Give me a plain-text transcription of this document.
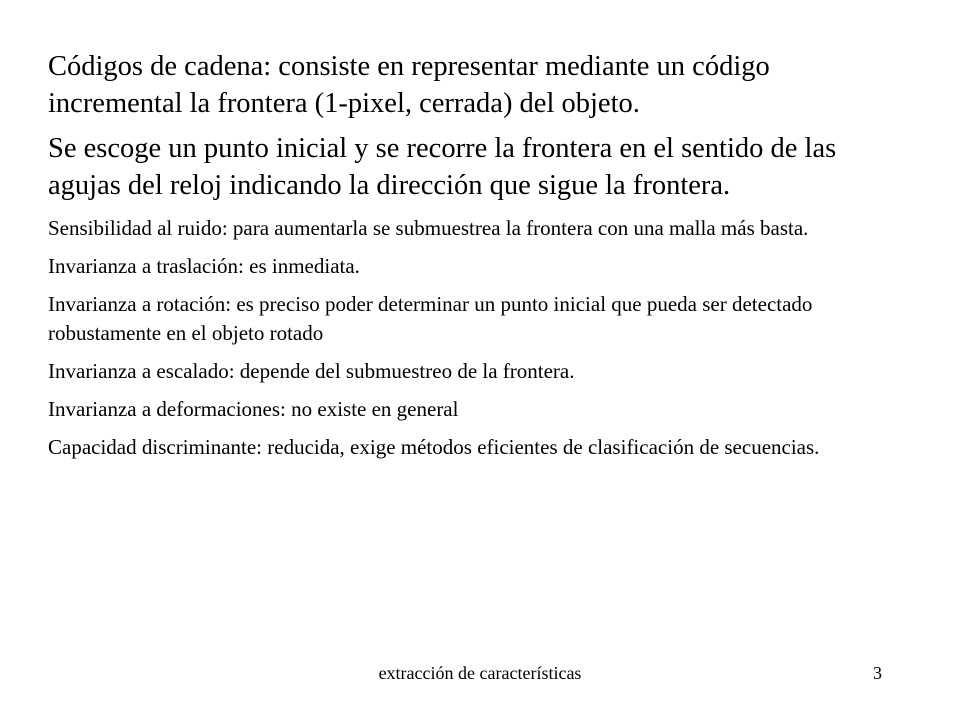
Códigos de cadena: consiste en representar mediante un código incremental la frontera (1-pixel, cerrada) del objeto.

Se escoge un punto inicial y se recorre la frontera en el sentido de las agujas del reloj indicando la dirección que sigue la frontera.

Sensibilidad al ruido: para aumentarla se submuestrea la frontera con una malla más basta.

Invarianza a traslación: es inmediata.

Invarianza a rotación: es preciso poder determinar un punto inicial que pueda ser detectado robustamente en el objeto rotado

Invarianza a escalado: depende del submuestreo de la frontera.

Invarianza a deformaciones: no existe en general

Capacidad discriminante: reducida, exige métodos eficientes de clasificación de secuencias.

extracción de características	3
